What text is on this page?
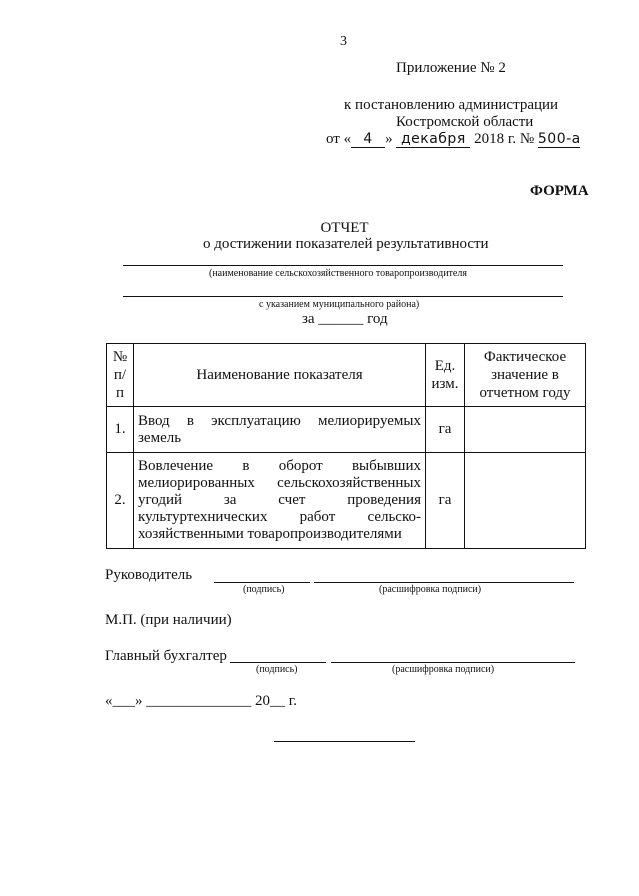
3
Приложение № 2
к постановлению администрации
Костромской области
от « 4 » декабря 2018 г. № 500-а
ФОРМА
ОТЧЕТ
о достижении показателей результативности
(наименование сельскохозяйственного товаропроизводителя
с указанием муниципального района)
за ______ год
№ п/п	Наименование показателя	Ед. изм.	Фактическое значение в отчетном году
1.	Ввод в эксплуатацию мелиорируемых земель	га	
2.	Вовлечение в оборот выбывших мелиорированных сельскохозяйственных угодий за счет проведения культуртехнических работ сельско-хозяйственными товаропроизводителями	га	
Руководитель
(подпись)	(расшифровка подписи)
М.П. (при наличии)
Главный бухгалтер
(подпись)	(расшифровка подписи)
«___» ______________ 20__ г.
